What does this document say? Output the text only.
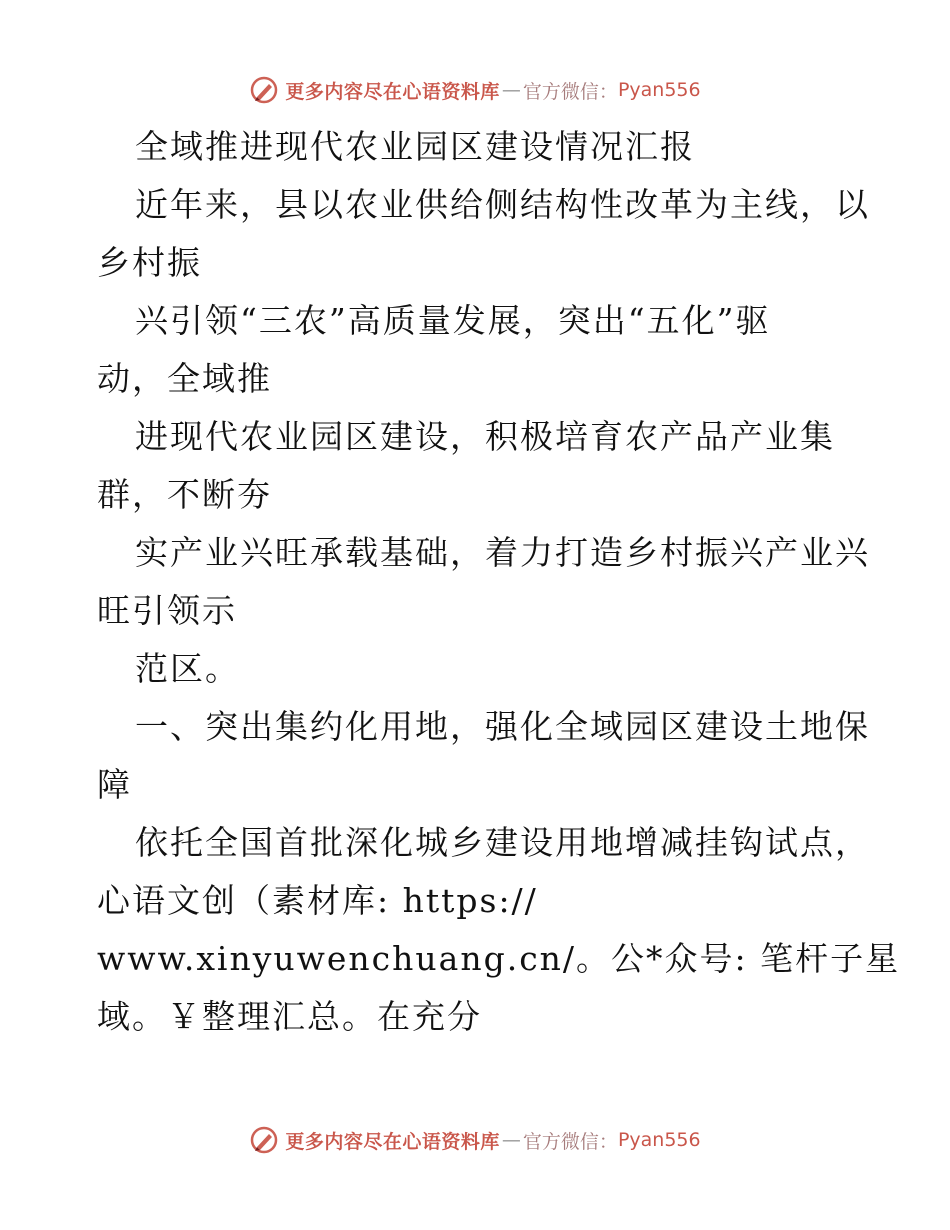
更多内容尽在心语资料库 — 官方微信： Pyan556
全域推进现代农业园区建设情况汇报
近年来，县以农业供给侧结构性改革为主线，以
乡村振
兴引领“三农”高质量发展，突出“五化”驱
动，全域推
进现代农业园区建设，积极培育农产品产业集
群，不断夯
实产业兴旺承载基础，着力打造乡村振兴产业兴
旺引领示
范区。
一、突出集约化用地，强化全域园区建设土地保
障
依托全国首批深化城乡建设用地增减挂钩试点，
心语文创（素材库: https://
www.xinyuwenchuang.cn/。公*众号: 笔杆子星
域。￥整理汇总。在充分
更多内容尽在心语资料库 — 官方微信： Pyan556
